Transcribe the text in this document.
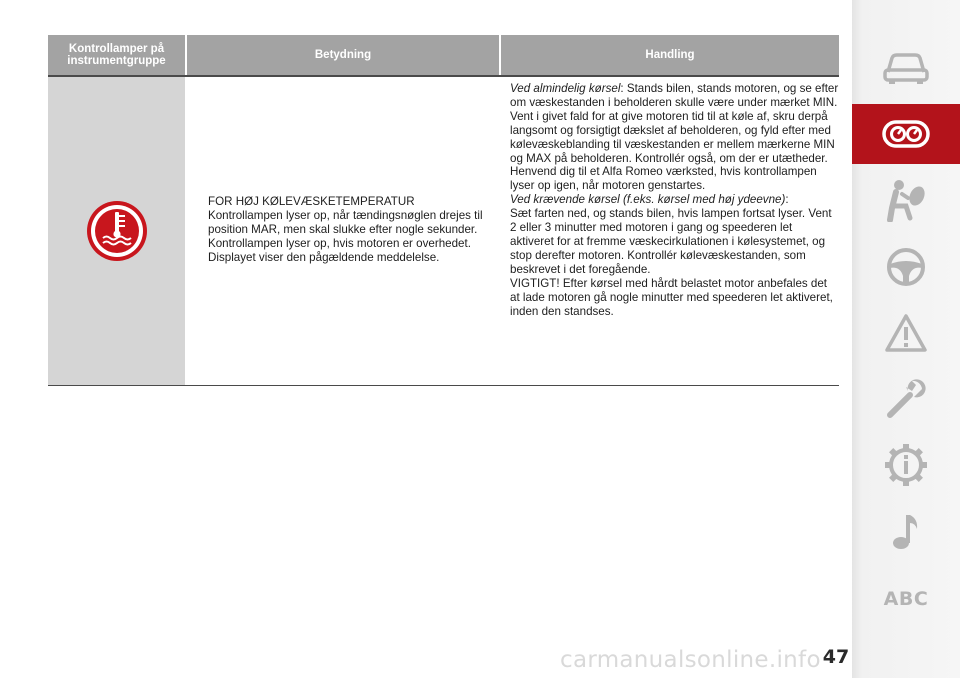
Kontrollamper på instrumentgruppe	Betydning	Handling
FOR HØJ KØLEVÆSKETEMPERATUR
Kontrollampen lyser op, når tændingsnøglen drejes til
position MAR, men skal slukke efter nogle sekunder.
Kontrollampen lyser op, hvis motoren er overhedet.
Displayet viser den pågældende meddelelse.

Ved almindelig kørsel: Stands bilen, stands motoren, og se efter om væskestanden i beholderen skulle være under mærket MIN. Vent i givet fald for at give motoren tid til at køle af, skru derpå langsomt og forsigtigt dækslet af beholderen, og fyld efter med kølevæskeblanding til væskestanden er mellem mærkerne MIN og MAX på beholderen. Kontrollér også, om der er utætheder. Henvend dig til et Alfa Romeo værksted, hvis kontrollampen lyser op igen, når motoren genstartes.

Ved krævende kørsel (f.eks. kørsel med høj ydeevne):

Sæt farten ned, og stands bilen, hvis lampen fortsat lyser. Vent 2 eller 3 minutter med motoren i gang og speederen let aktiveret for at fremme væskecirkulationen i kølesystemet, og stop derefter motoren. Kontrollér kølevæskestanden, som beskrevet i det foregående.

VIGTIGT! Efter kørsel med hårdt belastet motor anbefales det at lade motoren gå nogle minutter med speederen let aktiveret, inden den standses.

ABC
carmanualsonline.info 47
